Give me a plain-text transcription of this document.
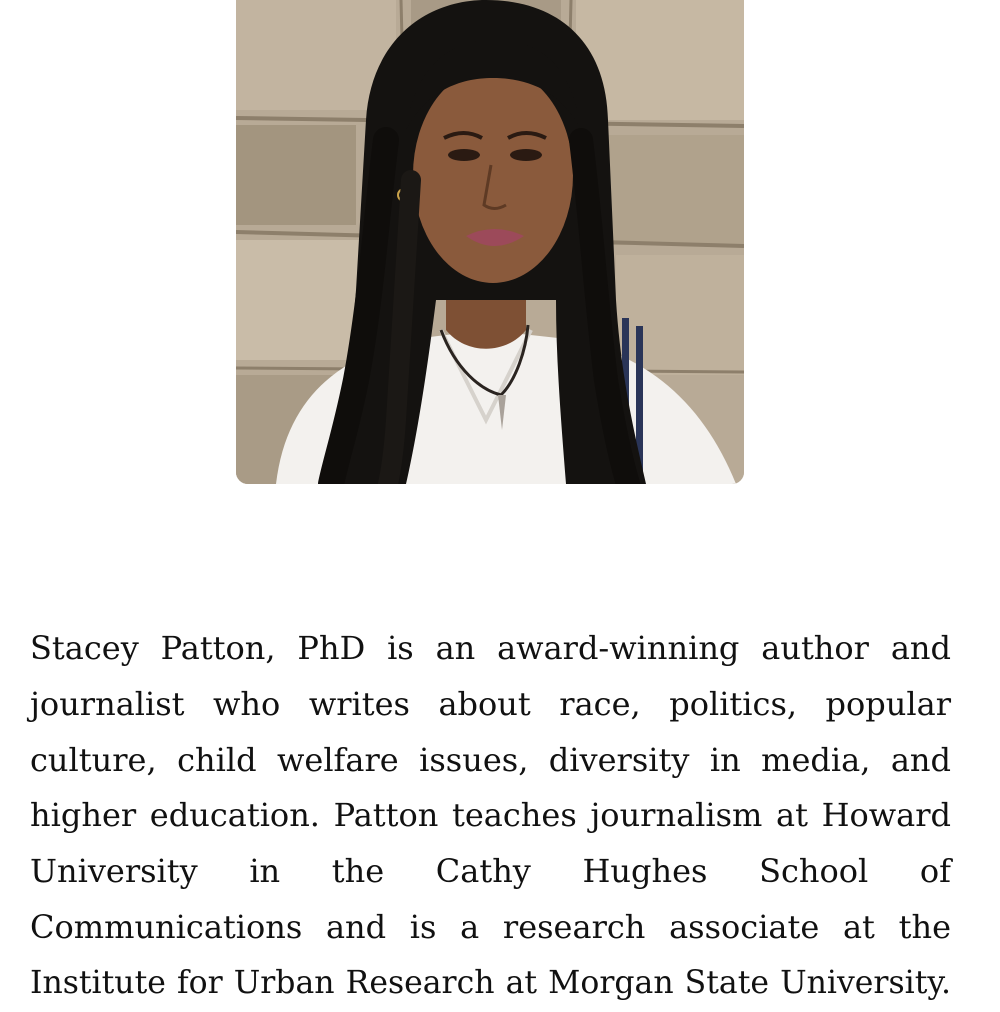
Stacey Patton, PhD is an award-winning author and
journalist who writes about race, politics, popular
culture, child welfare issues, diversity in media, and
higher education. Patton teaches journalism at Howard
University in the Cathy Hughes School of
Communications and is a research associate at the
Institute for Urban Research at Morgan State University.
